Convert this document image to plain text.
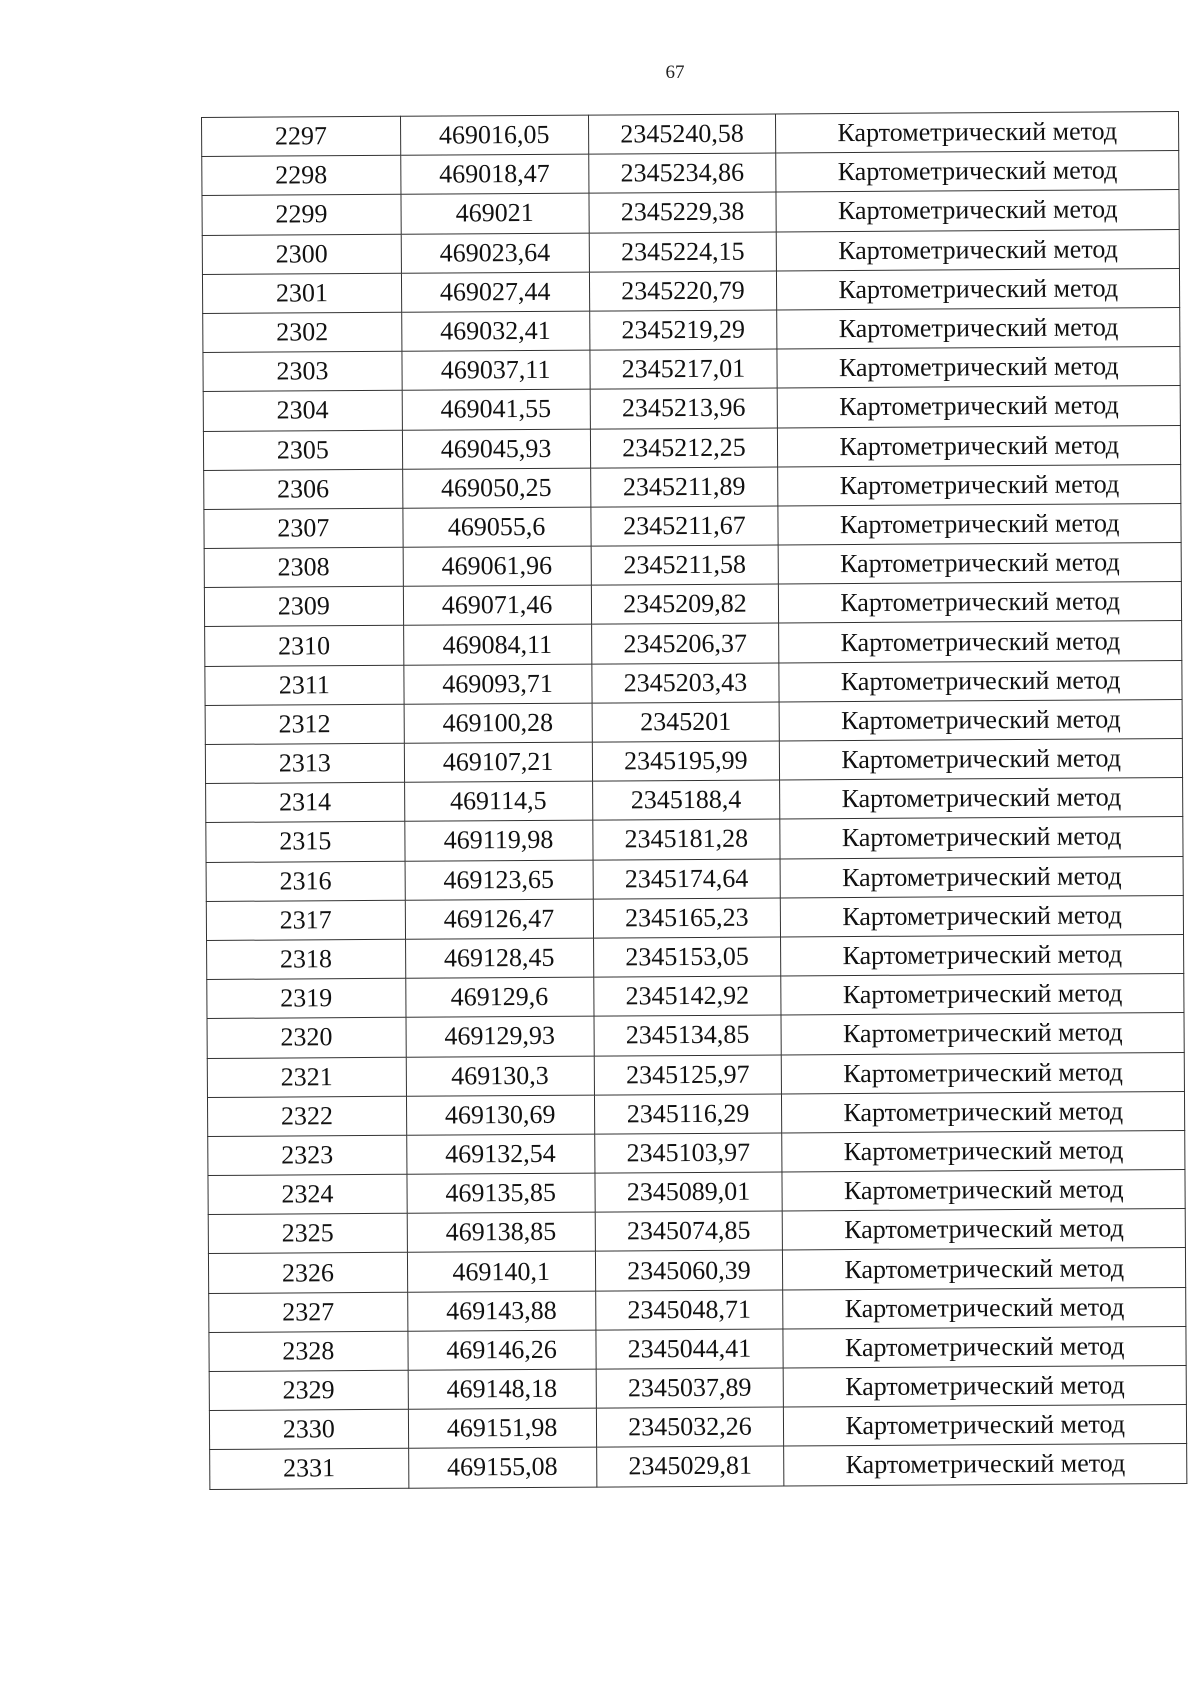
67
2297	469016,05	2345240,58	Картометрический метод
2298	469018,47	2345234,86	Картометрический метод
2299	469021	2345229,38	Картометрический метод
2300	469023,64	2345224,15	Картометрический метод
2301	469027,44	2345220,79	Картометрический метод
2302	469032,41	2345219,29	Картометрический метод
2303	469037,11	2345217,01	Картометрический метод
2304	469041,55	2345213,96	Картометрический метод
2305	469045,93	2345212,25	Картометрический метод
2306	469050,25	2345211,89	Картометрический метод
2307	469055,6	2345211,67	Картометрический метод
2308	469061,96	2345211,58	Картометрический метод
2309	469071,46	2345209,82	Картометрический метод
2310	469084,11	2345206,37	Картометрический метод
2311	469093,71	2345203,43	Картометрический метод
2312	469100,28	2345201	Картометрический метод
2313	469107,21	2345195,99	Картометрический метод
2314	469114,5	2345188,4	Картометрический метод
2315	469119,98	2345181,28	Картометрический метод
2316	469123,65	2345174,64	Картометрический метод
2317	469126,47	2345165,23	Картометрический метод
2318	469128,45	2345153,05	Картометрический метод
2319	469129,6	2345142,92	Картометрический метод
2320	469129,93	2345134,85	Картометрический метод
2321	469130,3	2345125,97	Картометрический метод
2322	469130,69	2345116,29	Картометрический метод
2323	469132,54	2345103,97	Картометрический метод
2324	469135,85	2345089,01	Картометрический метод
2325	469138,85	2345074,85	Картометрический метод
2326	469140,1	2345060,39	Картометрический метод
2327	469143,88	2345048,71	Картометрический метод
2328	469146,26	2345044,41	Картометрический метод
2329	469148,18	2345037,89	Картометрический метод
2330	469151,98	2345032,26	Картометрический метод
2331	469155,08	2345029,81	Картометрический метод
